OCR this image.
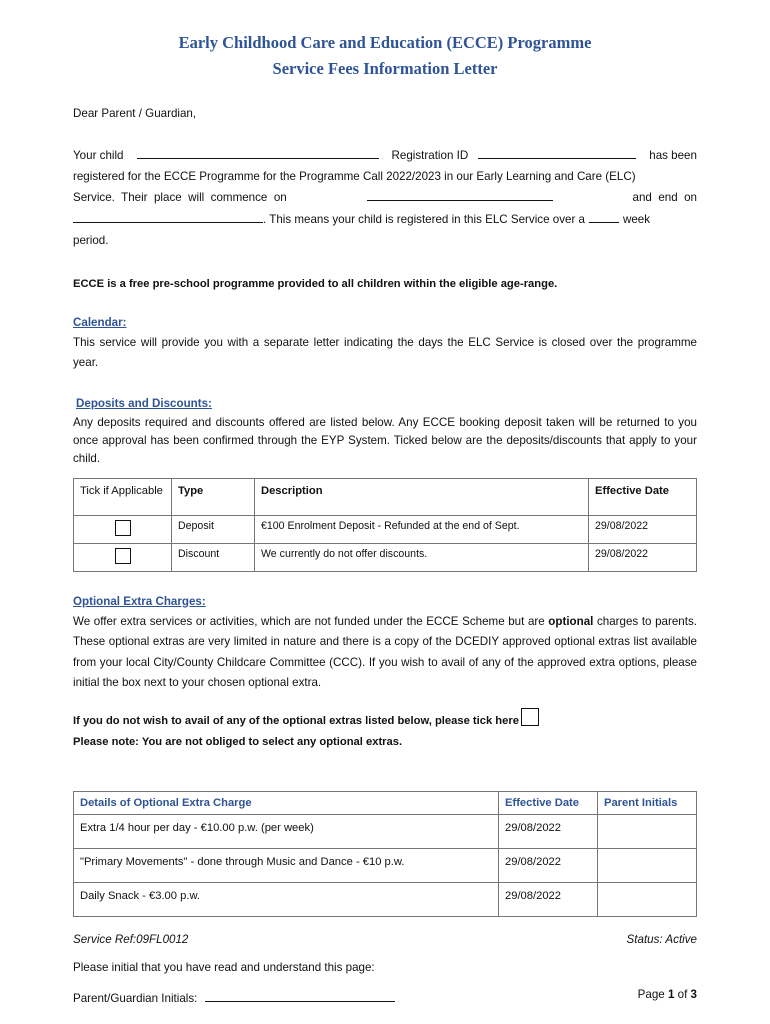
Early Childhood Care and Education (ECCE) Programme
Service Fees Information Letter

Dear Parent / Guardian,

Your child	Registration ID	has been

registered for the ECCE Programme for the Programme Call 2022/2023 in our Early Learning and Care (ELC)

Service.  Their  place  will  commence  on	and  end  on

. This means your child is registered in this ELC Service over a	week

period.

ECCE is a free pre-school programme provided to all children within the eligible age-range.

Calendar:

This service will provide you with a separate letter indicating the days the ELC Service is closed over the programme year.

Deposits and Discounts:

Any deposits required and discounts offered are listed below. Any ECCE booking deposit taken will be returned to you once approval has been confirmed through the EYP System. Ticked below are the deposits/discounts that apply to your child.

Tick if Applicable	Type	Description	Effective Date
	Deposit	€100 Enrolment Deposit - Refunded at the end of Sept.	29/08/2022
	Discount	We currently do not offer discounts.	29/08/2022
Optional Extra Charges:

We offer extra services or activities, which are not funded under the ECCE Scheme but are optional charges to parents. These optional extras are very limited in nature and there is a copy of the DCEDIY approved optional extras list available from your local City/County Childcare Committee (CCC). If you wish to avail of any of the approved extra options, please initial the box next to your chosen optional extra.

If you do not wish to avail of any of the optional extras listed below, please tick here
Please note: You are not obliged to select any optional extras.
Details of Optional Extra Charge	Effective Date	Parent Initials
Extra 1/4 hour per day - €10.00 p.w. (per week)	29/08/2022	
"Primary Movements" - done through Music and Dance - €10 p.w.	29/08/2022	
Daily Snack - €3.00 p.w.	29/08/2022	
Service Ref:09FL0012	Status: Active

Please initial that you have read and understand this page:

Parent/Guardian Initials:	Page 1 of 3
